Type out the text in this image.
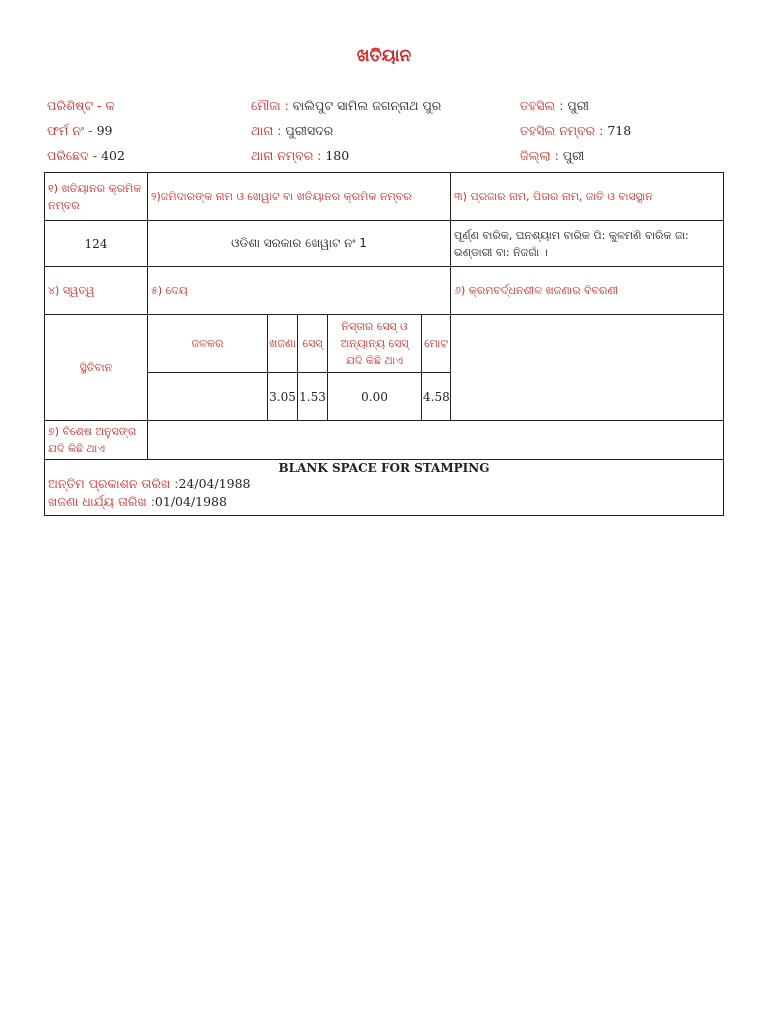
ଖତିୟାନ
ପରିଶିଷ୍ଟ - କ
ଫର୍ମ ନଂ - 99
ପରିଛେଦ - 402
ମୌଜା : ବାଲିପୁଟ ସାମିଲ ଜଗନ୍ନାଥ ପୁର
ଥାନା : ପୁରୀସଦର
ଥାନା ନମ୍ବର : 180
ତହସିଲ : ପୁରୀ
ତହସିଲ ନମ୍ବର : 718
ଜିଲ୍ଲା : ପୁରୀ
୧) ଖତିୟାନର କ୍ରମିକ ନମ୍ବର	୨)ଜମିଦାରଙ୍କ ନାମ ଓ ଖେୱାଟ ବା ଖତିୟାନର କ୍ରମିକ ନମ୍ବର					୩) ପ୍ରଜାର ନାମ, ପିତାର ନାମ, ଜାତି ଓ ବାସସ୍ଥାନ
124	ଓଡିଶା ସରକାର ଖେୱାଟ ନଂ 1					ପୂର୍ଣ୍ଣ ବାରିକ, ଘନଶ୍ୟାମ ବାରିକ ପି: କୁଳମଣି ବାରିକ ଜା: ଭଣ୍ଡାରୀ ବା: ନିଜଗାଁ ।
୪) ସ୍ୱତ୍ୱ	୫) ଦେୟ					୬) କ୍ରମବର୍ଦ୍ଧନଶୀଳ ଖଜଣାର ବିବରଣୀ
ସ୍ଥିତିବାନ	ଜଳକର	ଖଜଣା	ସେସ୍	ନିସ୍ତାର ସେସ୍ ଓ ଅନ୍ୟାନ୍ୟ ସେସ୍ ଯଦି କିଛି ଥାଏ	ମୋଟ	
		3.05	1.53	0.00	4.58	
୭) ବିଶେଷ ଅନୁସଙ୍ଗ ଯଦି କିଛି ଥାଏ						

BLANK SPACE FOR STAMPING
ଅନ୍ତିମ ପ୍ରକାଶନ ତାରିଖ :24/04/1988
ଖଜଣା ଧାର୍ଯ୍ୟ ତାରିଖ :01/04/1988						
